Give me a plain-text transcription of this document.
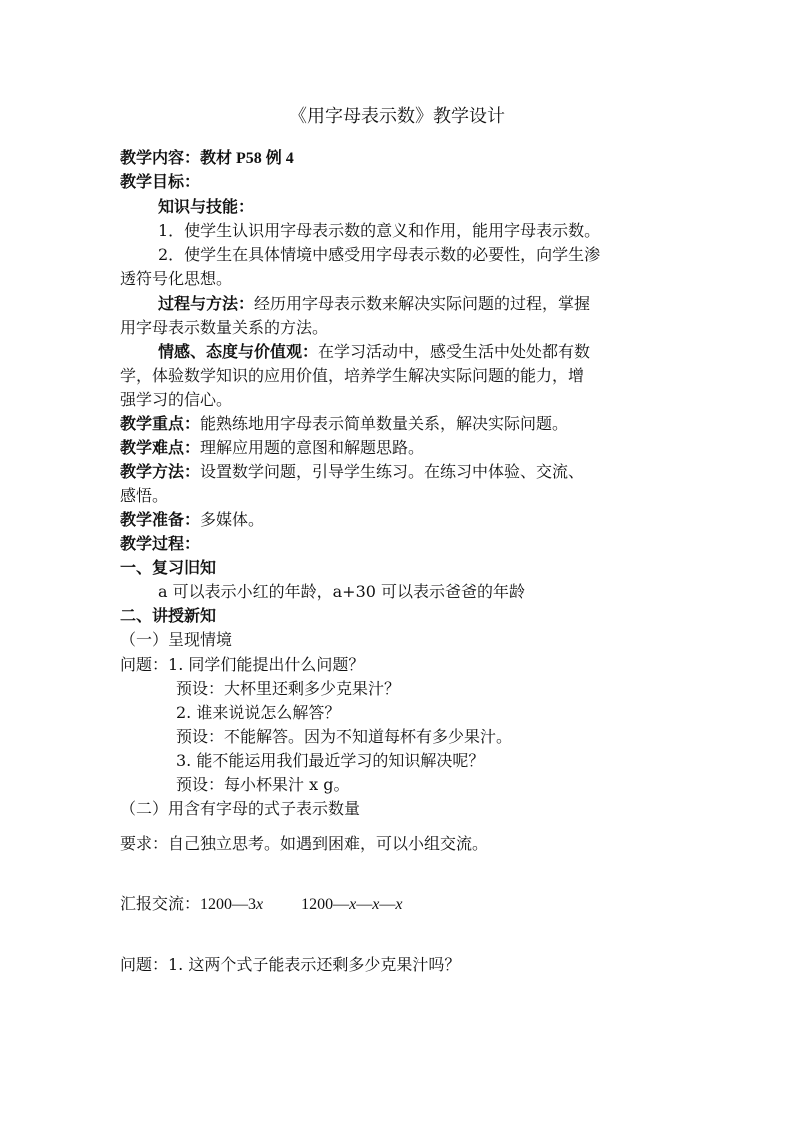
《用字母表示数》教学设计
教学内容：教材 P58 例 4
教学目标：
知识与技能：
1．使学生认识用字母表示数的意义和作用，能用字母表示数。
2．使学生在具体情境中感受用字母表示数的必要性，向学生渗
透符号化思想。
过程与方法：经历用字母表示数来解决实际问题的过程，掌握
用字母表示数量关系的方法。
情感、态度与价值观：在学习活动中，感受生活中处处都有数
学，体验数学知识的应用价值，培养学生解决实际问题的能力，增
强学习的信心。
教学重点：能熟练地用字母表示简单数量关系，解决实际问题。
教学难点：理解应用题的意图和解题思路。
教学方法：设置数学问题，引导学生练习。在练习中体验、交流、
感悟。
教学准备：多媒体。
教学过程：
一、复习旧知
a 可以表示小红的年龄，a+30 可以表示爸爸的年龄
二、讲授新知
（一）呈现情境
问题：1. 同学们能提出什么问题？
预设：大杯里还剩多少克果汁？
2. 谁来说说怎么解答？
预设：不能解答。因为不知道每杯有多少果汁。
3. 能不能运用我们最近学习的知识解决呢？
预设：每小杯果汁 x g。
（二）用含有字母的式子表示数量
要求：自己独立思考。如遇到困难，可以小组交流。
汇报交流：1200—3x 1200—x—x—x
问题：1. 这两个式子能表示还剩多少克果汁吗？
